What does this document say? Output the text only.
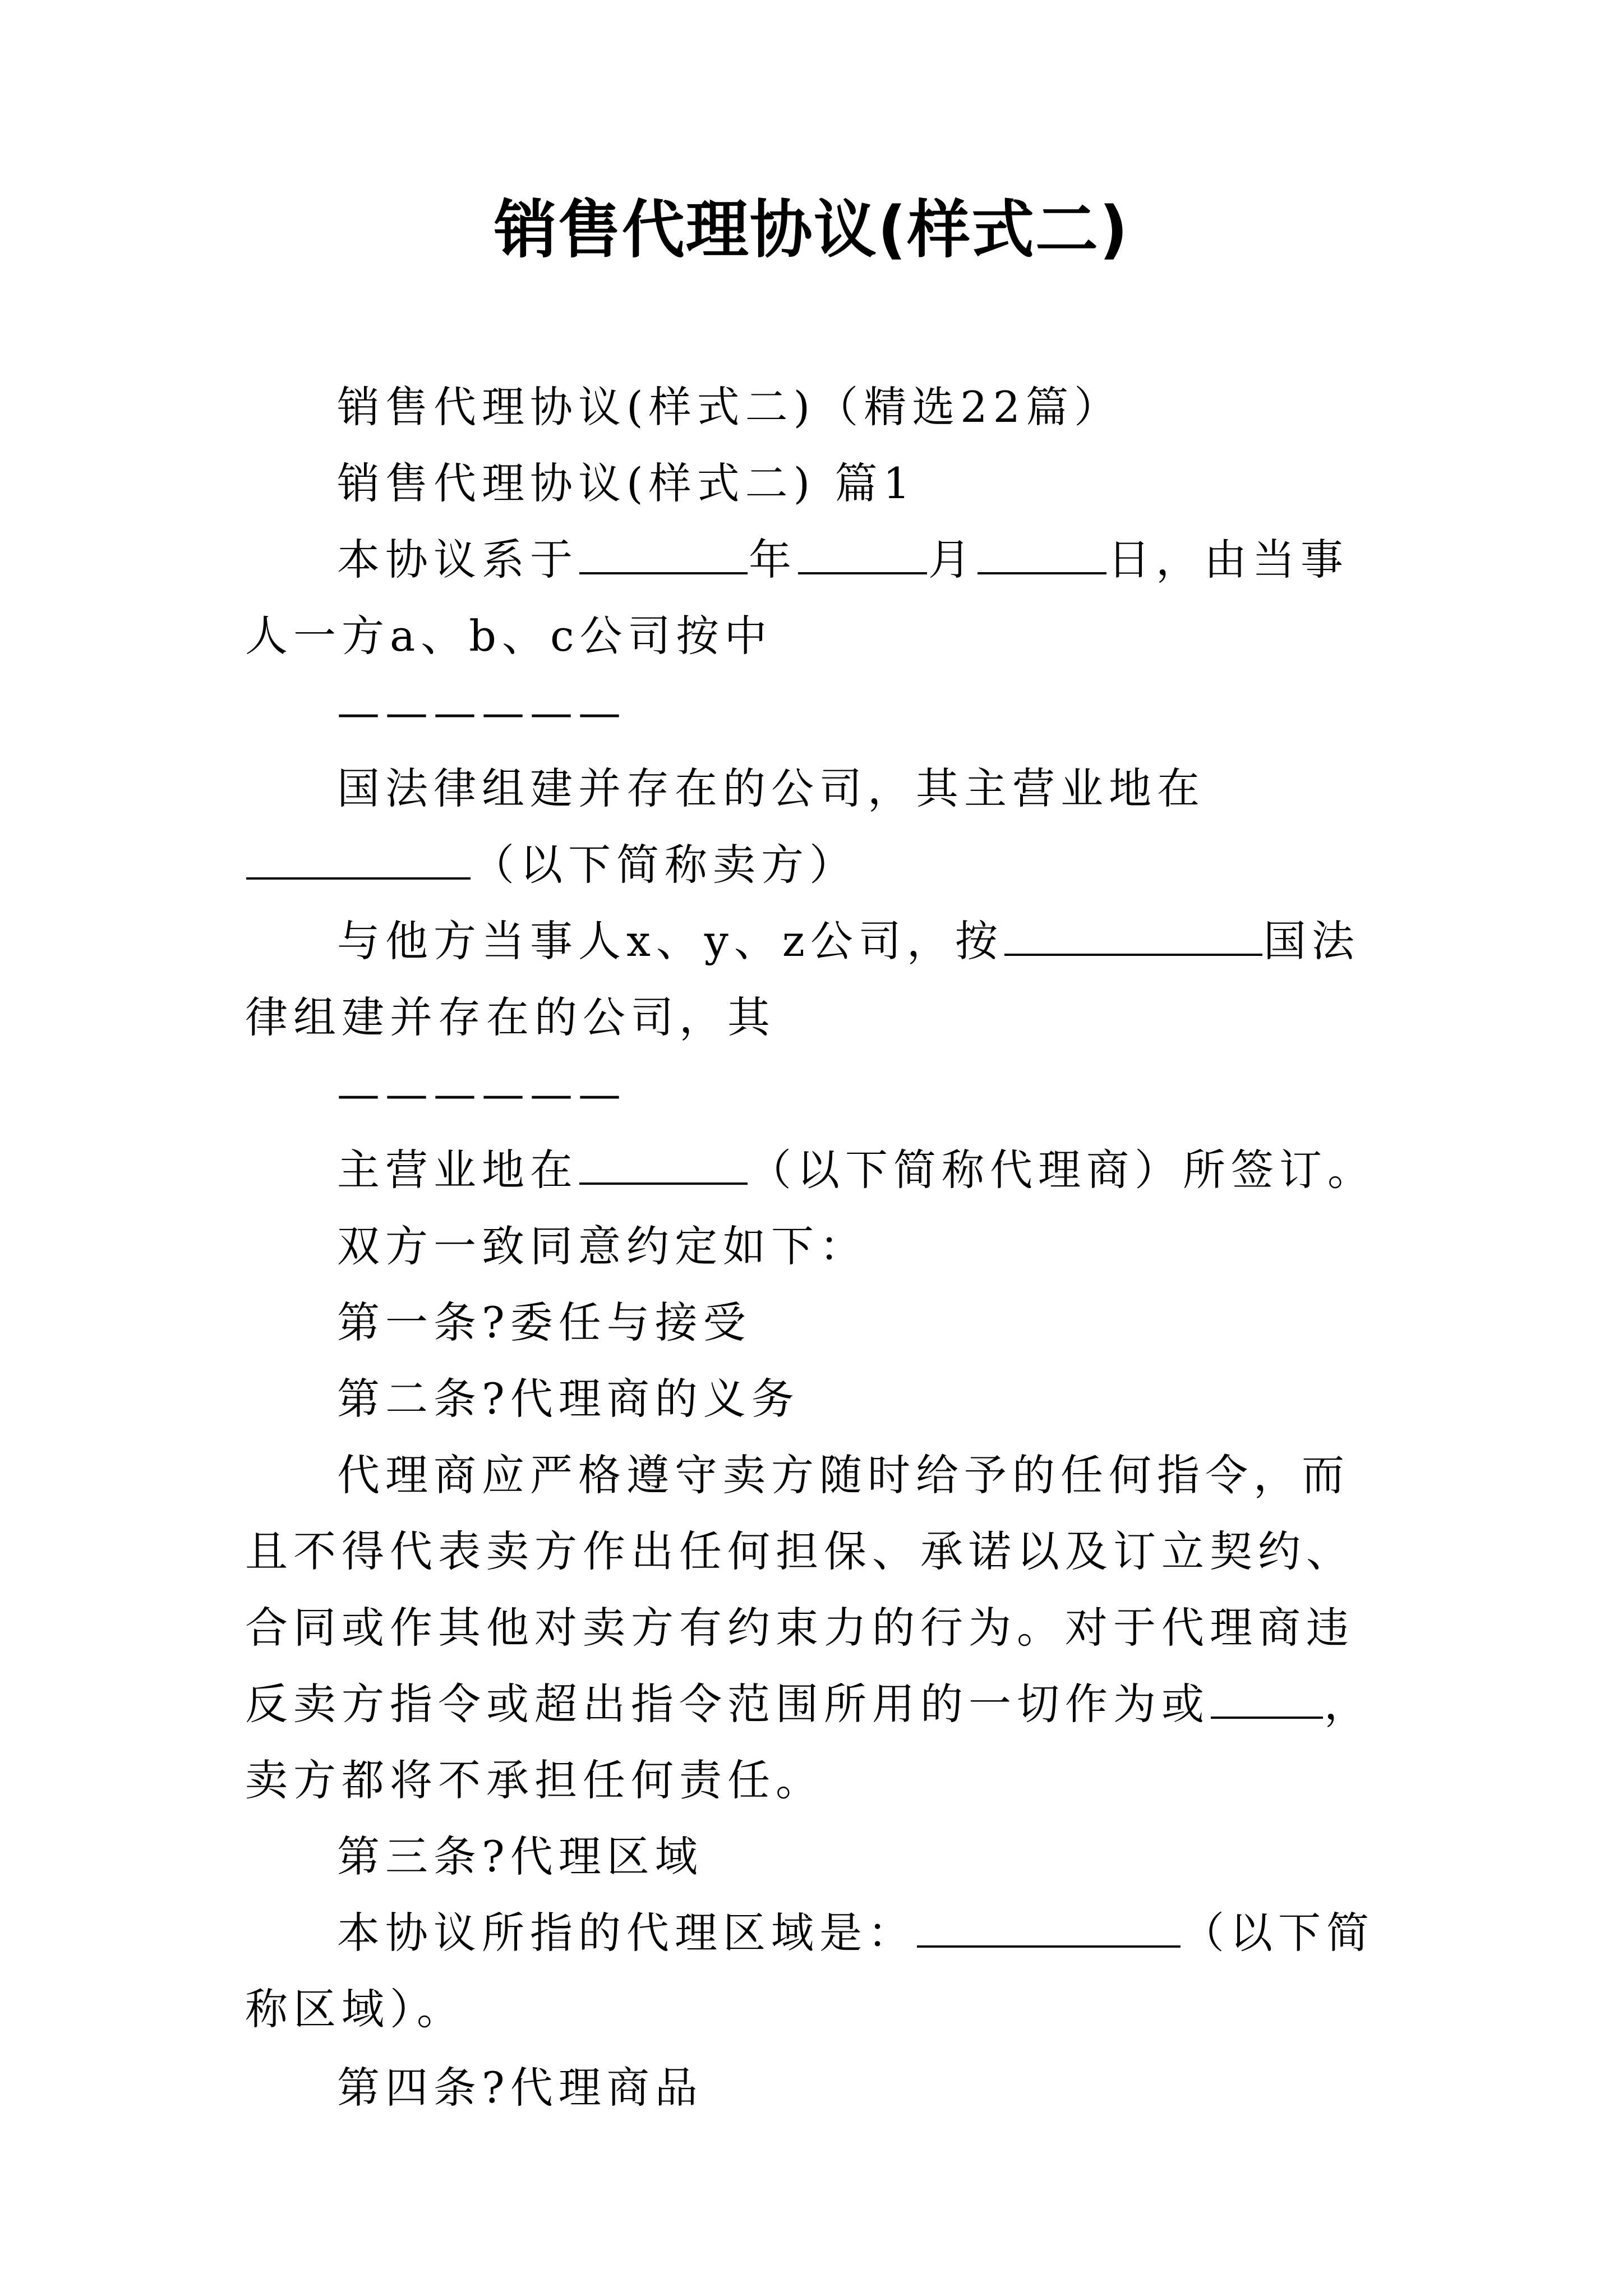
销售代理协议(样式二)

销售代理协议(样式二)（精选22篇）

销售代理协议(样式二) 篇1

本协议系于	年	月	日，由当事人一方a、b、c公司按中

——————

国法律组建并存在的公司，其主营业地在（以下简称卖方）

与他方当事人x、y、z公司，按	国法律组建并存在的公司，其

——————

主营业地在	（以下简称代理商）所签订。

双方一致同意约定如下：

第一条?委任与接受

第二条?代理商的义务

代理商应严格遵守卖方随时给予的任何指令，而且不得代表卖方作出任何担保、承诺以及订立契约、合同或作其他对卖方有约束力的行为。对于代理商违反卖方指令或超出指令范围所用的一切作为或	，卖方都将不承担任何责任。

第三条?代理区域

本协议所指的代理区域是：	（以下简称区域）。

第四条?代理商品
